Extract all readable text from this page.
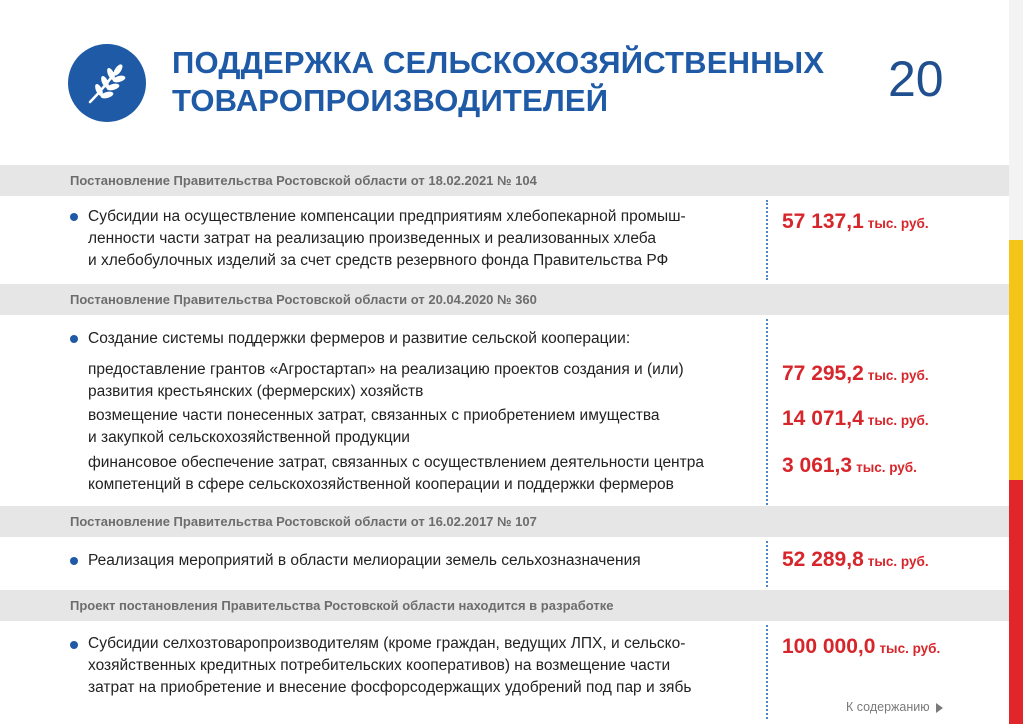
ПОДДЕРЖКА СЕЛЬСКОХОЗЯЙСТВЕННЫХ
ТОВАРОПРОИЗВОДИТЕЛЕЙ	20
Постановление Правительства Ростовской области от 18.02.2021 № 104
Субсидии на осуществление компенсации предприятиям хлебопекарной промыш-
ленности части затрат на реализацию произведенных и реализованных хлеба
и хлебобулочных изделий за счет средств резервного фонда Правительства РФ
57 137,1 тыс. руб.
Постановление Правительства Ростовской области от 20.04.2020 № 360
Создание системы поддержки фермеров и развитие сельской кооперации:
предоставление грантов «Агростартап» на реализацию проектов создания и (или)
развития крестьянских (фермерских) хозяйств
77 295,2 тыс. руб.
возмещение части понесенных затрат, связанных с приобретением имущества
и закупкой сельскохозяйственной продукции
14 071,4 тыс. руб.
финансовое обеспечение затрат, связанных с осуществлением деятельности центра
компетенций в сфере сельскохозяйственной кооперации и поддержки фермеров
3 061,3 тыс. руб.
Постановление Правительства Ростовской области от 16.02.2017 № 107
Реализация мероприятий в области мелиорации земель сельхозназначения	52 289,8 тыс. руб.
Проект постановления Правительства Ростовской области находится в разработке
Субсидии селхозтоваропроизводителям (кроме граждан, ведущих ЛПХ, и сельско-
хозяйственных кредитных потребительских кооперативов) на возмещение части
затрат на приобретение и внесение фосфорсодержащих удобрений под пар и зябь
100 000,0 тыс. руб.
К содержанию
